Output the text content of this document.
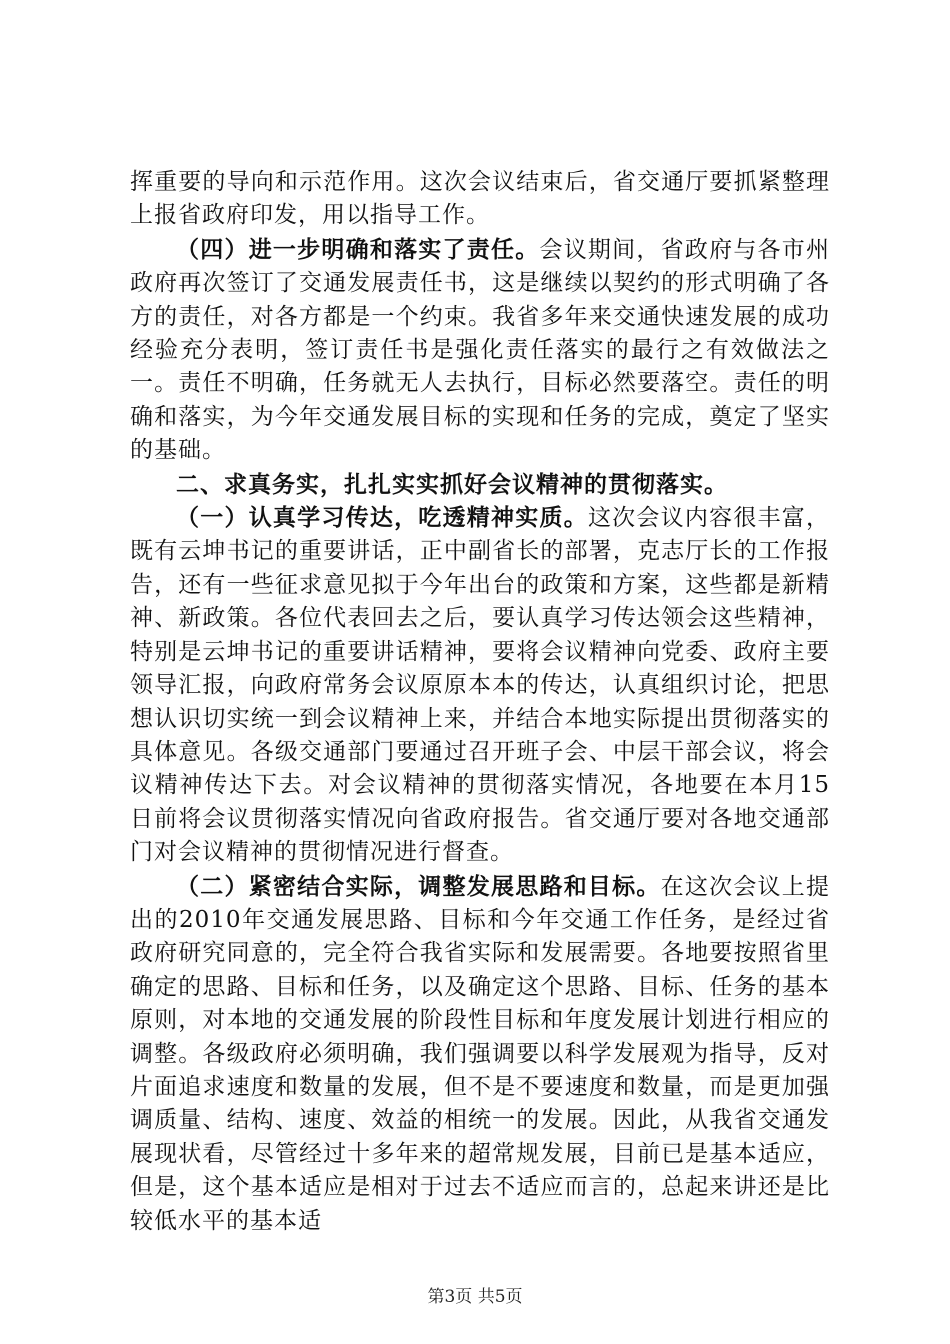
挥重要的导向和示范作用。这次会议结束后，省交通厅要抓紧整理上报省政府印发，用以指导工作。

（四）进一步明确和落实了责任。会议期间，省政府与各市州政府再次签订了交通发展责任书，这是继续以契约的形式明确了各方的责任，对各方都是一个约束。我省多年来交通快速发展的成功经验充分表明，签订责任书是强化责任落实的最行之有效做法之一。责任不明确，任务就无人去执行，目标必然要落空。责任的明确和落实，为今年交通发展目标的实现和任务的完成，奠定了坚实的基础。

二、求真务实，扎扎实实抓好会议精神的贯彻落实。

（一）认真学习传达，吃透精神实质。这次会议内容很丰富，既有云坤书记的重要讲话，正中副省长的部署，克志厅长的工作报告，还有一些征求意见拟于今年出台的政策和方案，这些都是新精神、新政策。各位代表回去之后，要认真学习传达领会这些精神，特别是云坤书记的重要讲话精神，要将会议精神向党委、政府主要领导汇报，向政府常务会议原原本本的传达，认真组织讨论，把思想认识切实统一到会议精神上来，并结合本地实际提出贯彻落实的具体意见。各级交通部门要通过召开班子会、中层干部会议，将会议精神传达下去。对会议精神的贯彻落实情况，各地要在本月15日前将会议贯彻落实情况向省政府报告。省交通厅要对各地交通部门对会议精神的贯彻情况进行督查。

（二）紧密结合实际，调整发展思路和目标。在这次会议上提出的2010年交通发展思路、目标和今年交通工作任务，是经过省政府研究同意的，完全符合我省实际和发展需要。各地要按照省里确定的思路、目标和任务，以及确定这个思路、目标、任务的基本原则，对本地的交通发展的阶段性目标和年度发展计划进行相应的调整。各级政府必须明确，我们强调要以科学发展观为指导，反对片面追求速度和数量的发展，但不是不要速度和数量，而是更加强调质量、结构、速度、效益的相统一的发展。因此，从我省交通发展现状看，尽管经过十多年来的超常规发展，目前已是基本适应，但是，这个基本适应是相对于过去不适应而言的，总起来讲还是比较低水平的基本适

第3页 共5页
